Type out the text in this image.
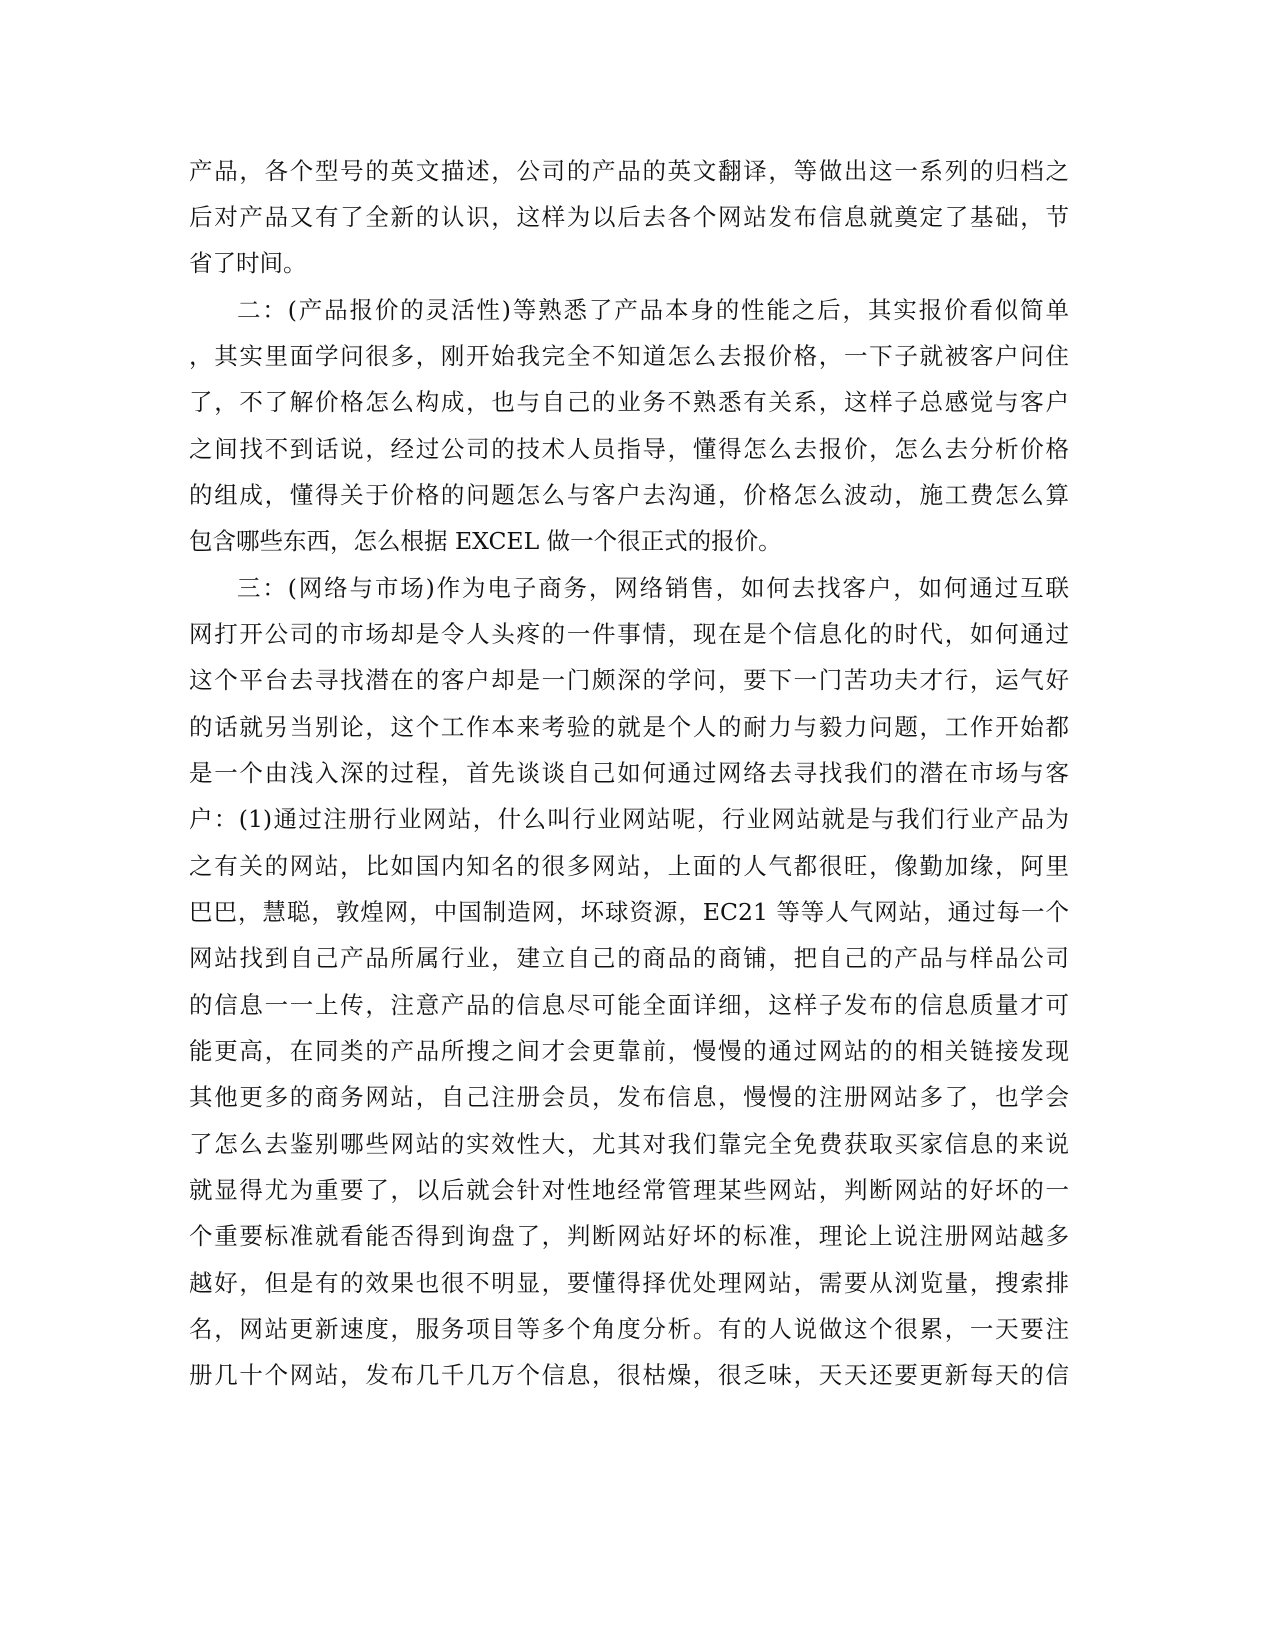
产品，各个型号的英文描述，公司的产品的英文翻译，等做出这一系列的归档之
后对产品又有了全新的认识，这样为以后去各个网站发布信息就奠定了基础，节
省了时间。
二：(产品报价的灵活性)等熟悉了产品本身的性能之后，其实报价看似简单
，其实里面学问很多，刚开始我完全不知道怎么去报价格，一下子就被客户问住
了，不了解价格怎么构成，也与自己的业务不熟悉有关系，这样子总感觉与客户
之间找不到话说，经过公司的技术人员指导，懂得怎么去报价，怎么去分析价格
的组成，懂得关于价格的问题怎么与客户去沟通，价格怎么波动，施工费怎么算
包含哪些东西，怎么根据 EXCEL 做一个很正式的报价。
三：(网络与市场)作为电子商务，网络销售，如何去找客户，如何通过互联
网打开公司的市场却是令人头疼的一件事情，现在是个信息化的时代，如何通过
这个平台去寻找潜在的客户却是一门颇深的学问，要下一门苦功夫才行，运气好
的话就另当别论，这个工作本来考验的就是个人的耐力与毅力问题，工作开始都
是一个由浅入深的过程，首先谈谈自己如何通过网络去寻找我们的潜在市场与客
户：(1)通过注册行业网站，什么叫行业网站呢，行业网站就是与我们行业产品为
之有关的网站，比如国内知名的很多网站，上面的人气都很旺，像勤加缘，阿里
巴巴，慧聪，敦煌网，中国制造网，坏球资源，EC21 等等人气网站，通过每一个
网站找到自己产品所属行业，建立自己的商品的商铺，把自己的产品与样品公司
的信息一一上传，注意产品的信息尽可能全面详细，这样子发布的信息质量才可
能更高，在同类的产品所搜之间才会更靠前，慢慢的通过网站的的相关链接发现
其他更多的商务网站，自己注册会员，发布信息，慢慢的注册网站多了，也学会
了怎么去鉴别哪些网站的实效性大，尤其对我们靠完全免费获取买家信息的来说
就显得尤为重要了，以后就会针对性地经常管理某些网站，判断网站的好坏的一
个重要标准就看能否得到询盘了，判断网站好坏的标准，理论上说注册网站越多
越好，但是有的效果也很不明显，要懂得择优处理网站，需要从浏览量，搜索排
名，网站更新速度，服务项目等多个角度分析。有的人说做这个很累，一天要注
册几十个网站，发布几千几万个信息，很枯燥，很乏味，天天还要更新每天的信
